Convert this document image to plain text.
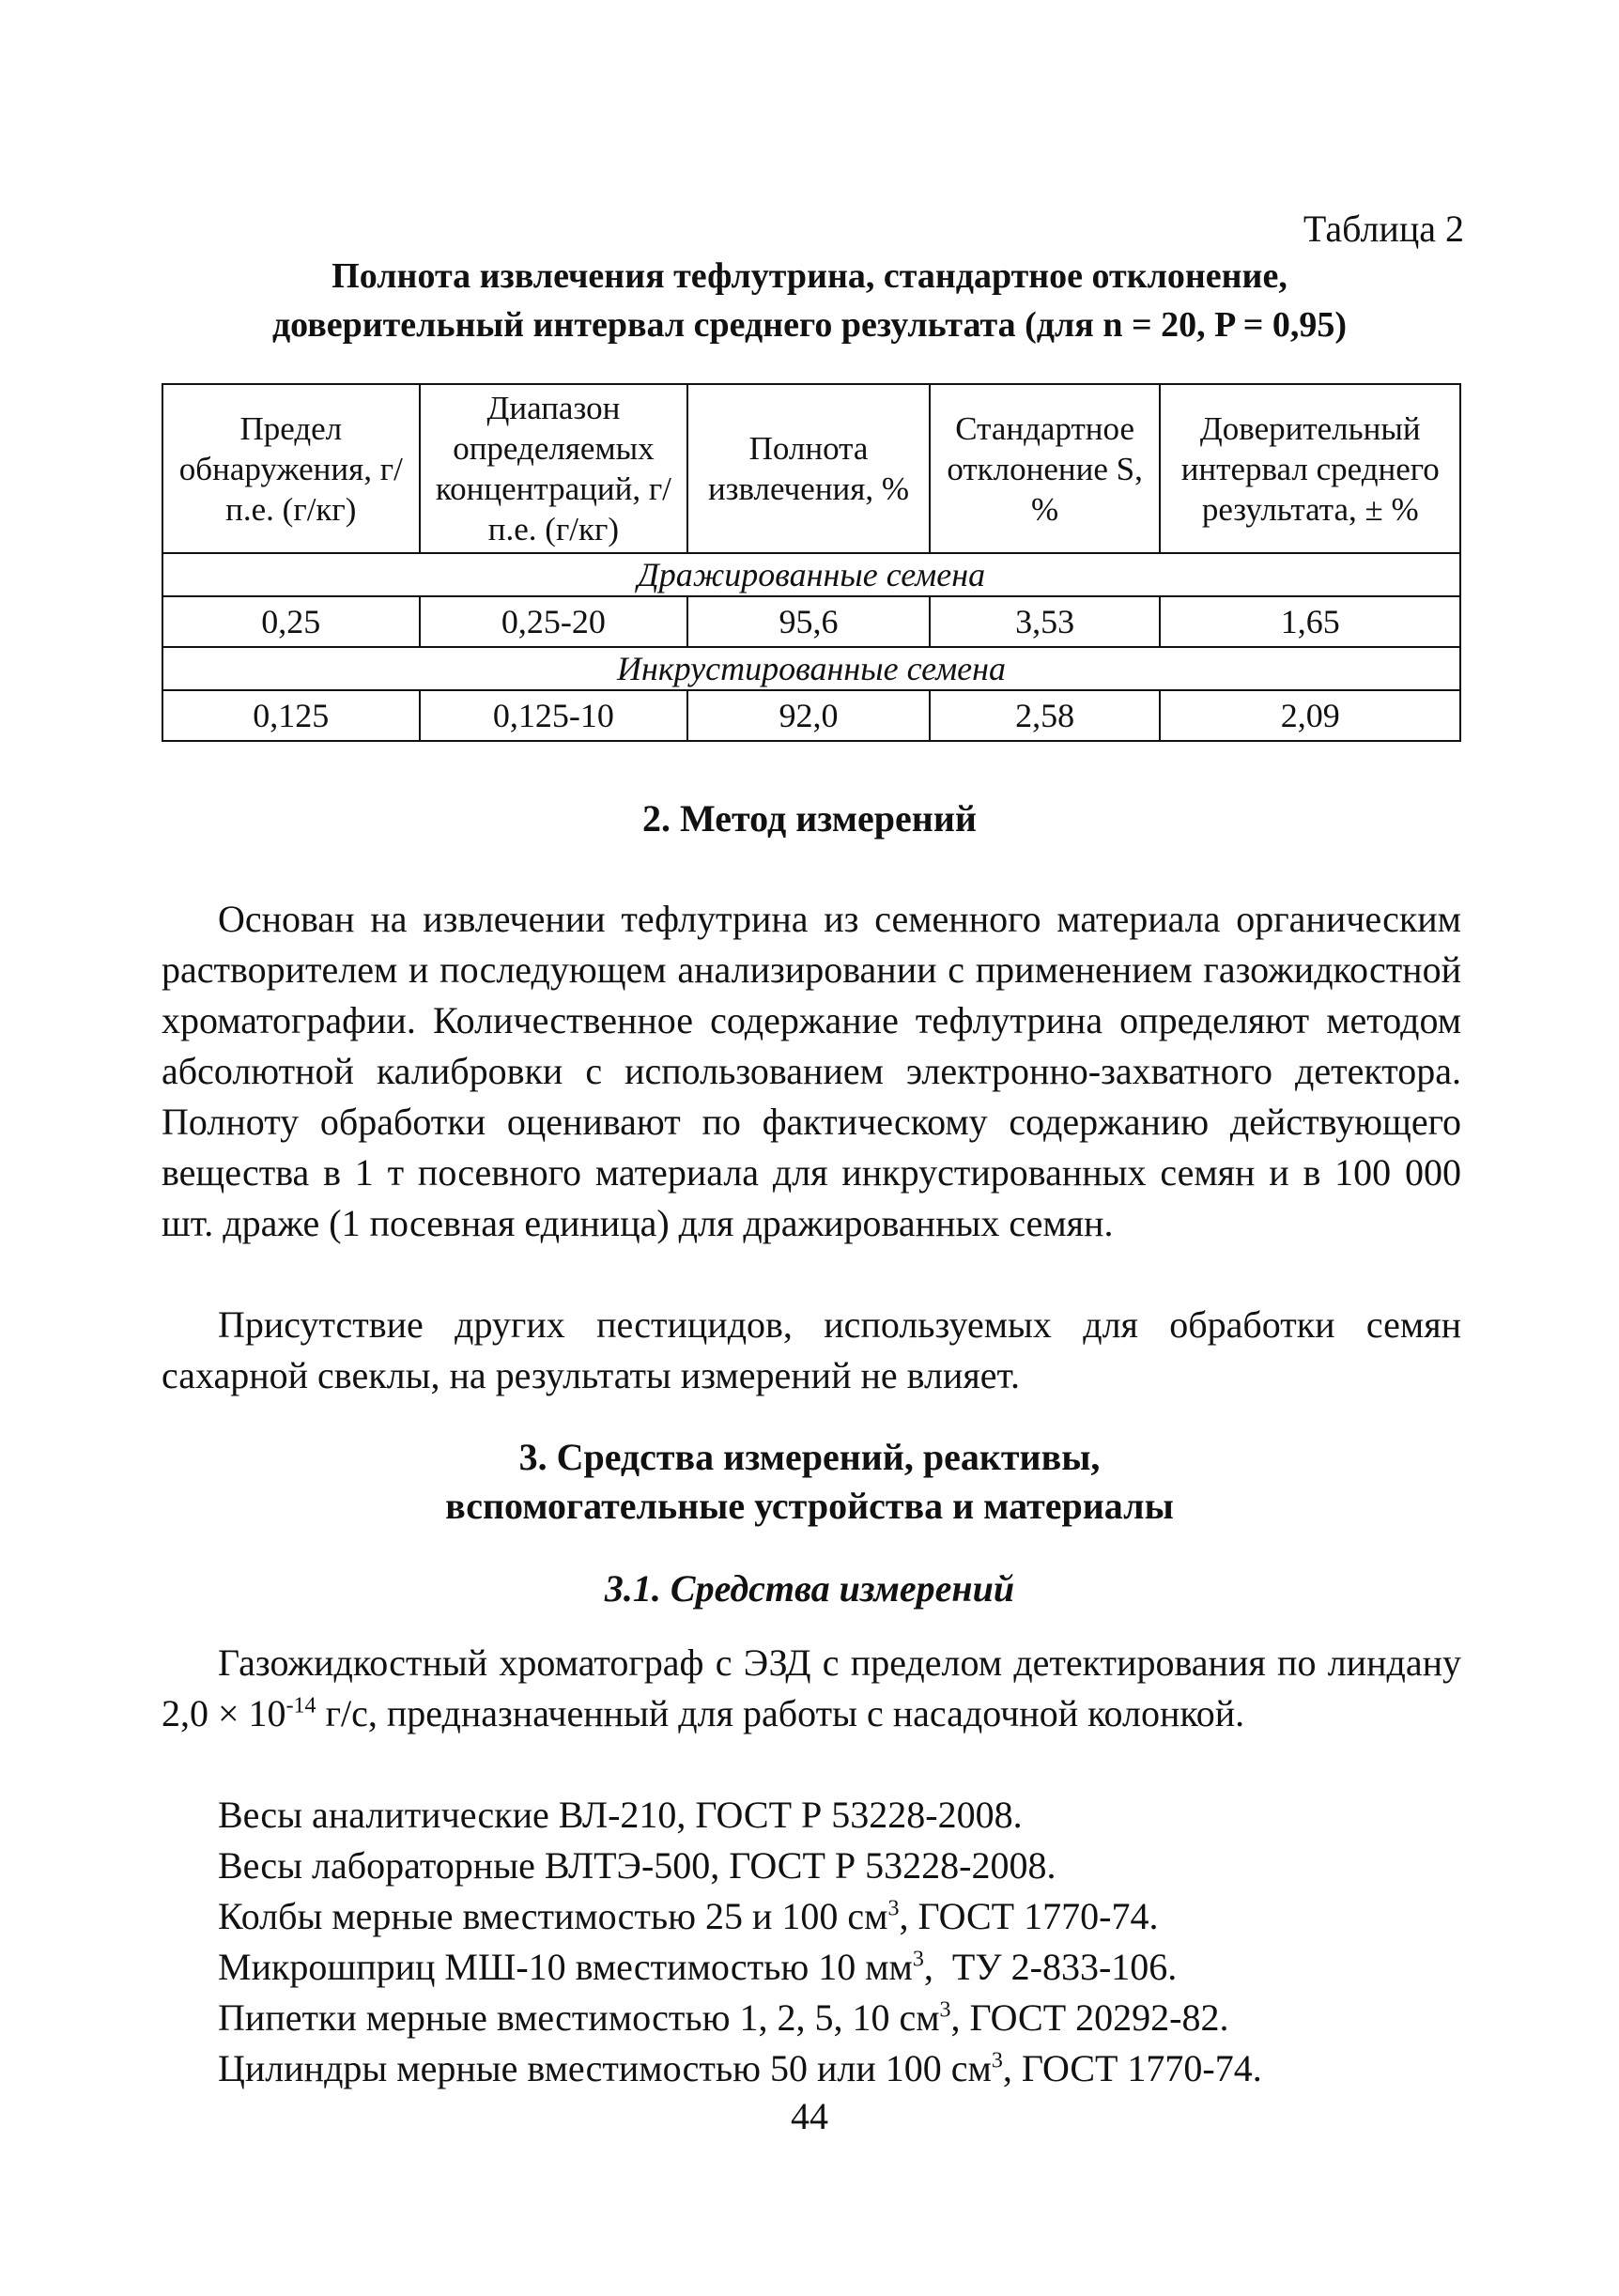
Таблица 2
Полнота извлечения тефлутрина, стандартное отклонение,
доверительный интервал среднего результата (для n = 20, P = 0,95)
Предел обнаружения, г/п.е. (г/кг)	Диапазон определяемых концентраций, г/п.е. (г/кг)	Полнота извлечения, %	Стандартное отклонение S, %	Доверительный интервал среднего результата, ± %
Дражированные семена				
0,25	0,25-20	95,6	3,53	1,65
Инкрустированные семена				
0,125	0,125-10	92,0	2,58	2,09
2. Метод измерений

Основан на извлечении тефлутрина из семенного материала органическим растворителем и последующем анализировании с применением газожидкостной хроматографии. Количественное содержание тефлутрина определяют методом абсолютной калибровки с использованием электронно-захватного детектора. Полноту обработки оценивают по фактическому содержанию действующего вещества в 1 т посевного материала для инкрустированных семян и в 100 000 шт. драже (1 посевная единица) для дражированных семян.

Присутствие других пестицидов, используемых для обработки семян сахарной свеклы, на результаты измерений не влияет.

3. Средства измерений, реактивы,
вспомогательные устройства и материалы
3.1. Средства измерений

Газожидкостный хроматограф с ЭЗД с пределом детектирования по линдану $2,0 \times 10^{-14}$ г/с, предназначенный для работы с насадочной колонкой.

Весы аналитические ВЛ-210, ГОСТ Р 53228-2008.
Весы лабораторные ВЛТЭ-500, ГОСТ Р 53228-2008.
Колбы мерные вместимостью 25 и 100 $см^3$, ГОСТ 1770-74.
Микрошприц МШ-10 вместимостью 10 $мм^3$,  ТУ 2-833-106.
Пипетки мерные вместимостью 1, 2, 5, 10 $см^3$, ГОСТ 20292-82.
Цилиндры мерные вместимостью 50 или 100 $см^3$, ГОСТ 1770-74.
44
